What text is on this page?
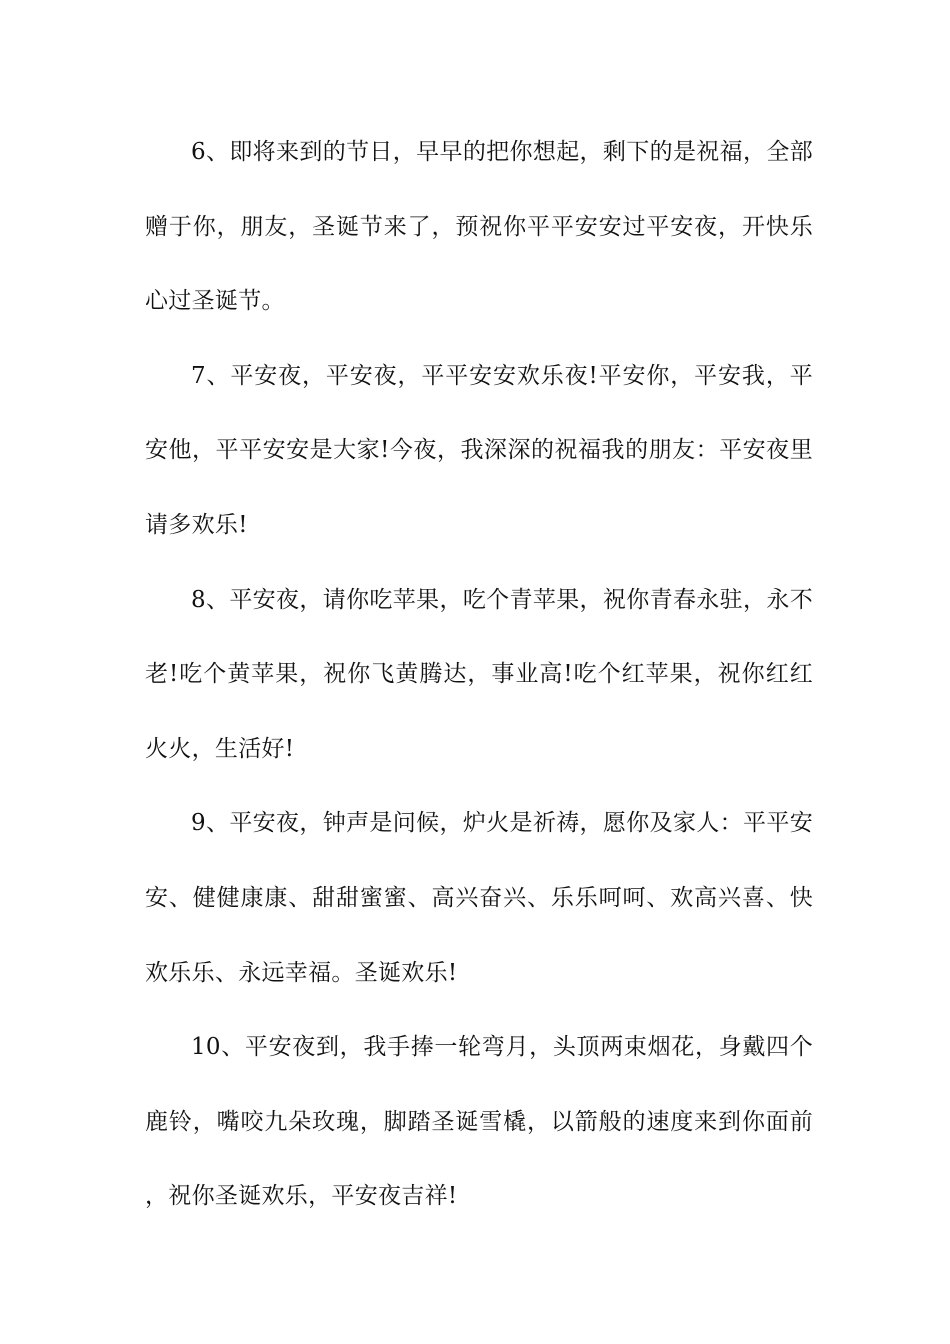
6、即将来到的节日，早早的把你想起，剩下的是祝福，全部赠于你，朋友，圣诞节来了，预祝你平平安安过平安夜，开快乐心过圣诞节。

7、平安夜，平安夜，平平安安欢乐夜!平安你，平安我，平安他，平平安安是大家!今夜，我深深的祝福我的朋友：平安夜里请多欢乐!

8、平安夜，请你吃苹果，吃个青苹果，祝你青春永驻，永不老!吃个黄苹果，祝你飞黄腾达，事业高!吃个红苹果，祝你红红火火，生活好!

9、平安夜，钟声是问候，炉火是祈祷，愿你及家人：平平安安、健健康康、甜甜蜜蜜、高兴奋兴、乐乐呵呵、欢高兴喜、快欢乐乐、永远幸福。圣诞欢乐!

10、平安夜到，我手捧一轮弯月，头顶两束烟花，身戴四个鹿铃，嘴咬九朵玫瑰，脚踏圣诞雪橇，以箭般的速度来到你面前，祝你圣诞欢乐，平安夜吉祥!
